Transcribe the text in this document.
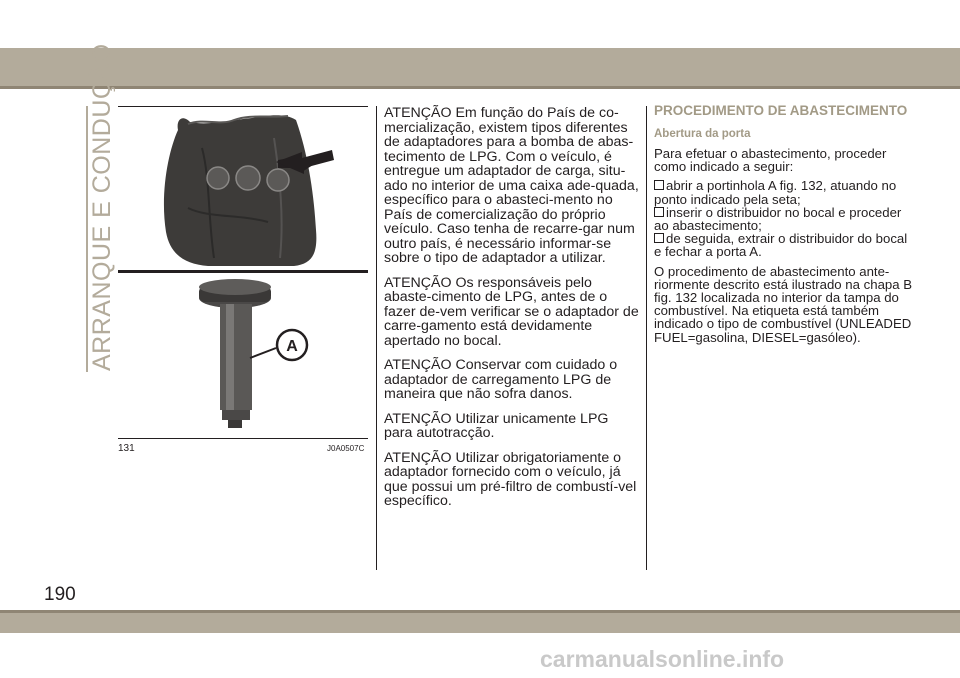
ARRANQUE E CONDUÇÃO	A
131	J0A0507C

ATENÇÃO Em função do País de co-mercialização, existem tipos diferentes de adaptadores para a bomba de abas-tecimento de LPG. Com o veículo, é entregue um adaptador de carga, situ-ado no interior de uma caixa ade-quada, específico para o abasteci-mento no País de comercialização do próprio veículo. Caso tenha de recarre-gar num outro país, é necessário informar-se sobre o tipo de adaptador a utilizar.

ATENÇÃO Os responsáveis pelo abaste-cimento de LPG, antes de o fazer de-vem verificar se o adaptador de carre-gamento está devidamente apertado no bocal.

ATENÇÃO Conservar com cuidado o adaptador de carregamento LPG de maneira que não sofra danos.

ATENÇÃO Utilizar unicamente LPG para autotracção.

ATENÇÃO Utilizar obrigatoriamente o adaptador fornecido com o veículo, já que possui um pré-filtro de combustí-vel específico.

PROCEDIMENTO DE ABASTECIMENTO
Abertura da porta

Para efetuar o abastecimento, proceder como indicado a seguir:

abrir a portinhola A fig. 132, atuando no ponto indicado pela seta;
inserir o distribuidor no bocal e proceder ao abastecimento;
de seguida, extrair o distribuidor do bocal e fechar a porta A.

O procedimento de abastecimento ante-riormente descrito está ilustrado na chapa B fig. 132 localizada no interior da tampa do combustível. Na etiqueta está também indicado o tipo de combustível (UNLEADED FUEL=gasolina, DIESEL=gasóleo).

190
carmanualsonline.info
